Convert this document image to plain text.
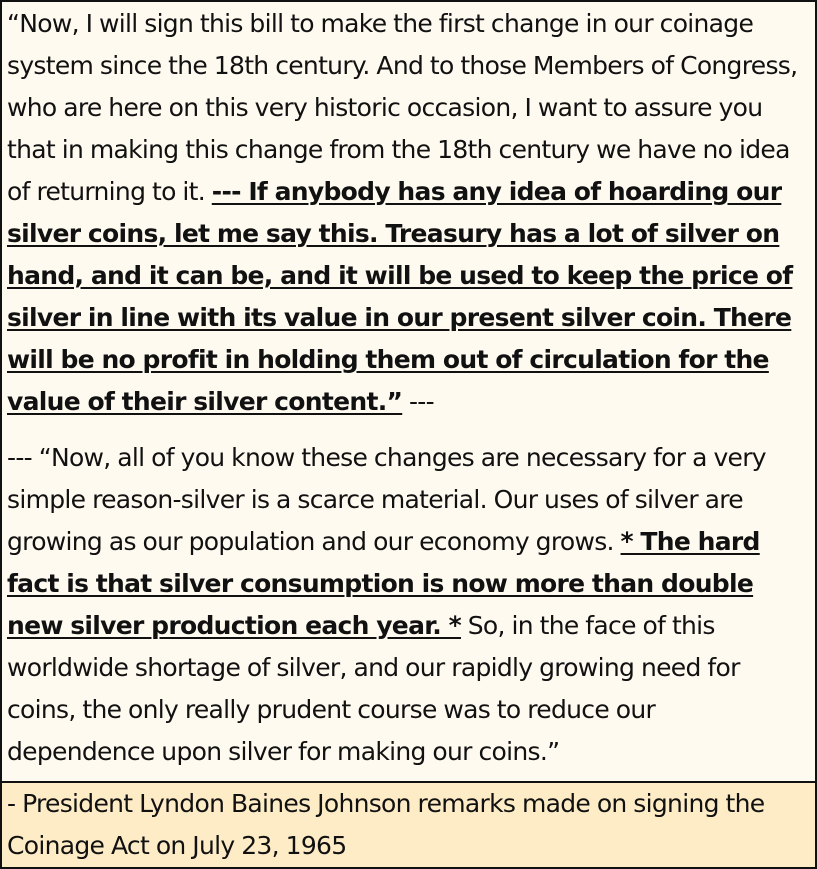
“Now, I will sign this bill to make the first change in our coinage system since the 18th century. And to those Members of Congress, who are here on this very historic occasion, I want to assure you that in making this change from the 18th century we have no idea of returning to it. --- If anybody has any idea of hoarding our silver coins, let me say this. Treasury has a lot of silver on hand, and it can be, and it will be used to keep the price of silver in line with its value in our present silver coin. There will be no profit in holding them out of circulation for the value of their silver content.” ---

--- “Now, all of you know these changes are necessary for a very simple reason-silver is a scarce material. Our uses of silver are growing as our population and our economy grows. * The hard fact is that silver consumption is now more than double new silver production each year. * So, in the face of this worldwide shortage of silver, and our rapidly growing need for coins, the only really prudent course was to reduce our dependence upon silver for making our coins.”

- President Lyndon Baines Johnson remarks made on signing the Coinage Act on July 23, 1965
